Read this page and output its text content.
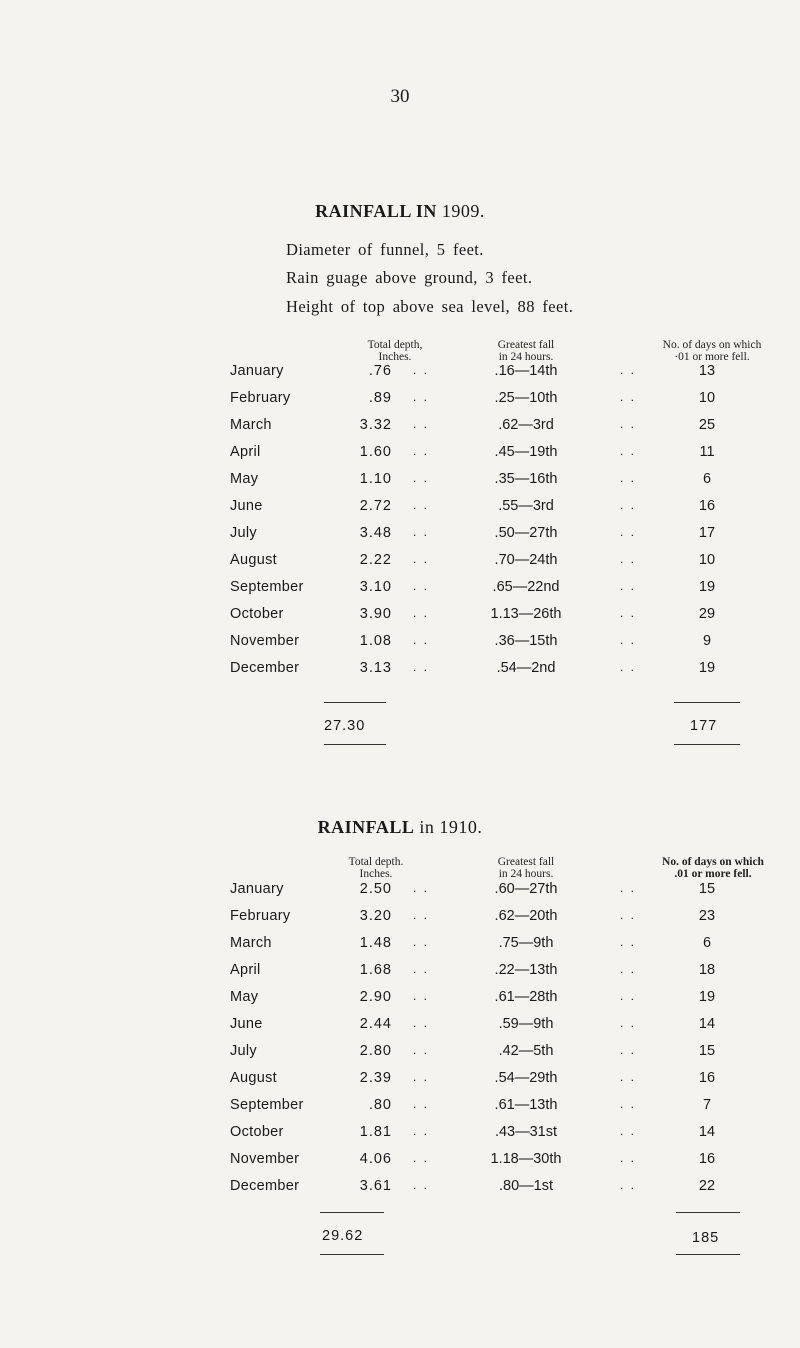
30
RAINFALL IN 1909.
Diameter of funnel, 5 feet.
Rain guage above ground, 3 feet.
Height of top above sea level, 88 feet.
Total depth,
Inches.
Greatest fall
in 24 hours.
No. of days on which
·01 or more fell.
January	.76 . .	.16—14th	. .	13
February	.89 . .	.25—10th	. .	10
March	3.32 . .	.62—3rd	. .	25
April	1.60 . .	.45—19th	. .	11
May	1.10 . .	.35—16th	. .	6
June	2.72 . .	.55—3rd	. .	16
July	3.48 . .	.50—27th	. .	17
August	2.22 . .	.70—24th	. .	10
September	3.10 . .	.65—22nd	. .	19
October	3.90 . .	1.13—26th	. .	29
November	1.08 . .	.36—15th	. .	9
December	3.13 . .	.54—2nd	. .	19
27.30	177
RAINFALL in 1910.
Total depth.
Inches.
Greatest fall
in 24 hours.
No. of days on which
.01 or more fell.
January	2.50 . .	.60—27th	. .	15
February	3.20 . .	.62—20th	. .	23
March	1.48 . .	.75—9th	. .	6
April	1.68 . .	.22—13th	. .	18
May	2.90 . .	.61—28th	. .	19
June	2.44 . .	.59—9th	. .	14
July	2.80 . .	.42—5th	. .	15
August	2.39 . .	.54—29th	. .	16
September	.80 . .	.61—13th	. .	7
October	1.81 . .	.43—31st	. .	14
November	4.06 . .	1.18—30th	. .	16
December	3.61 . .	.80—1st	. .	22
29.62	185
